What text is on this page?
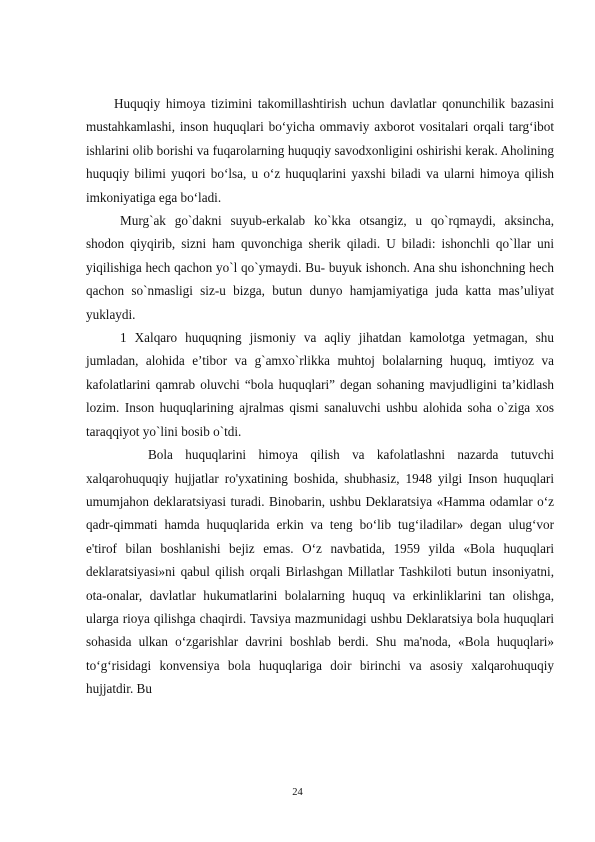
Huquqiy himoya tizimini takomillashtirish uchun davlatlar qonunchilik bazasini mustahkamlashi, inson huquqlari bo‘yicha ommaviy axborot vositalari orqali targ‘ibot ishlarini olib borishi va fuqarolarning huquqiy savodxonligini oshirishi kerak. Aholining huquqiy bilimi yuqori bo‘lsa, u o‘z huquqlarini yaxshi biladi va ularni himoya qilish imkoniyatiga ega bo‘ladi.

Murg`ak go`dakni suyub-erkalab ko`kka otsangiz, u qo`rqmaydi, aksincha, shodon qiyqirib, sizni ham quvonchiga sherik qiladi. U biladi: ishonchli qo`llar uni yiqilishiga hech qachon yo`l qo`ymaydi. Bu- buyuk ishonch. Ana shu ishonchning hech qachon so`nmasligi siz-u bizga, butun dunyo hamjamiyatiga juda katta mas’uliyat yuklaydi.

1 Xalqaro huquqning jismoniy va aqliy jihatdan kamolotga yetmagan, shu jumladan, alohida e’tibor va g`amxo`rlikka muhtoj bolalarning huquq, imtiyoz va kafolatlarini qamrab oluvchi “bola huquqlari” degan sohaning mavjudligini ta’kidlash lozim. Inson huquqlarining ajralmas qismi sanaluvchi ushbu alohida soha o`ziga xos taraqqiyot yo`lini bosib o`tdi.

Bola huquqlarini himoya qilish va kafolatlashni nazarda tutuvchi xalqarohuquqiy hujjatlar ro'yxatining boshida, shubhasiz, 1948 yilgi Inson huquqlari umumjahon deklaratsiyasi turadi. Binobarin, ushbu Deklaratsiya «Hamma odamlar o‘z qadr-qimmati hamda huquqlarida erkin va teng bo‘lib tug‘iladilar» degan ulug‘vor e'tirof bilan boshlanishi bejiz emas. O‘z navbatida, 1959 yilda «Bola huquqlari deklaratsiyasi»ni qabul qilish orqali Birlashgan Millatlar Tashkiloti butun insoniyatni, ota-onalar, davlatlar hukumatlarini bolalarning huquq va erkinliklarini tan olishga, ularga rioya qilishga chaqirdi. Tavsiya mazmunidagi ushbu Deklaratsiya bola huquqlari sohasida ulkan o‘zgarishlar davrini boshlab berdi. Shu ma'noda, «Bola huquqlari» to‘g‘risidagi konvensiya bola huquqlariga doir birinchi va asosiy xalqarohuquqiy hujjatdir. Bu

24
